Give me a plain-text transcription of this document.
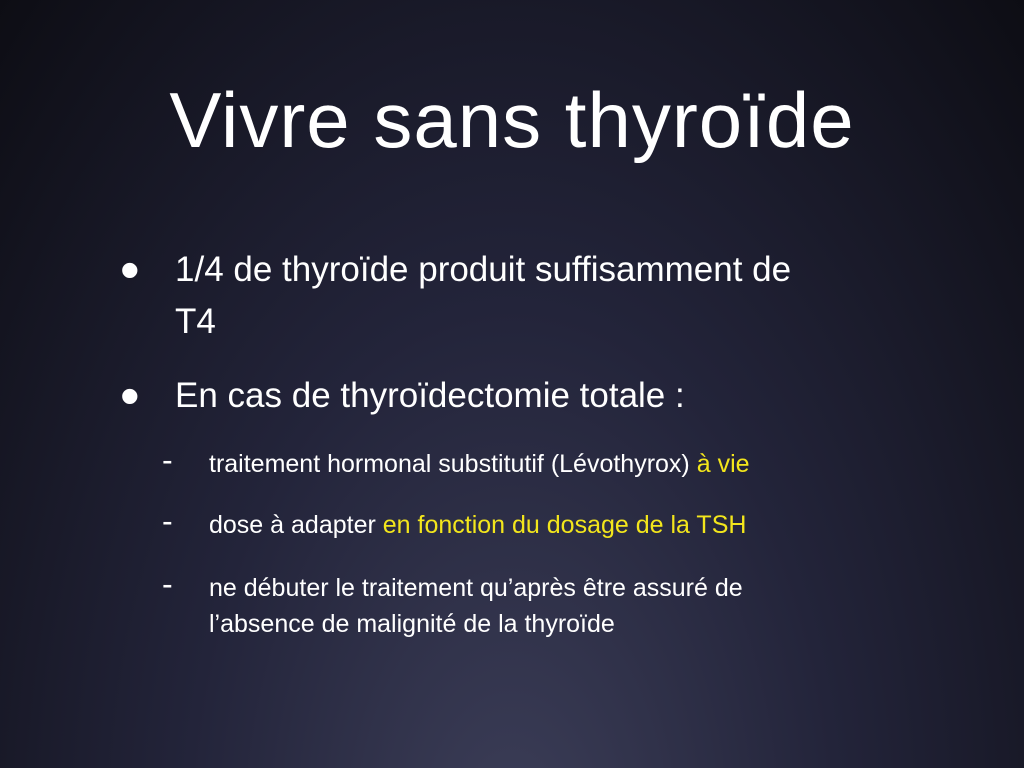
Vivre sans thyroïde
• 1/4 de thyroïde produit suffisamment de
T4
• En cas de thyroïdectomie totale :
- traitement hormonal substitutif (Lévothyrox) à vie
- dose à adapter en fonction du dosage de la TSH
- ne débuter le traitement qu’après être assuré de
l’absence de malignité de la thyroïde
